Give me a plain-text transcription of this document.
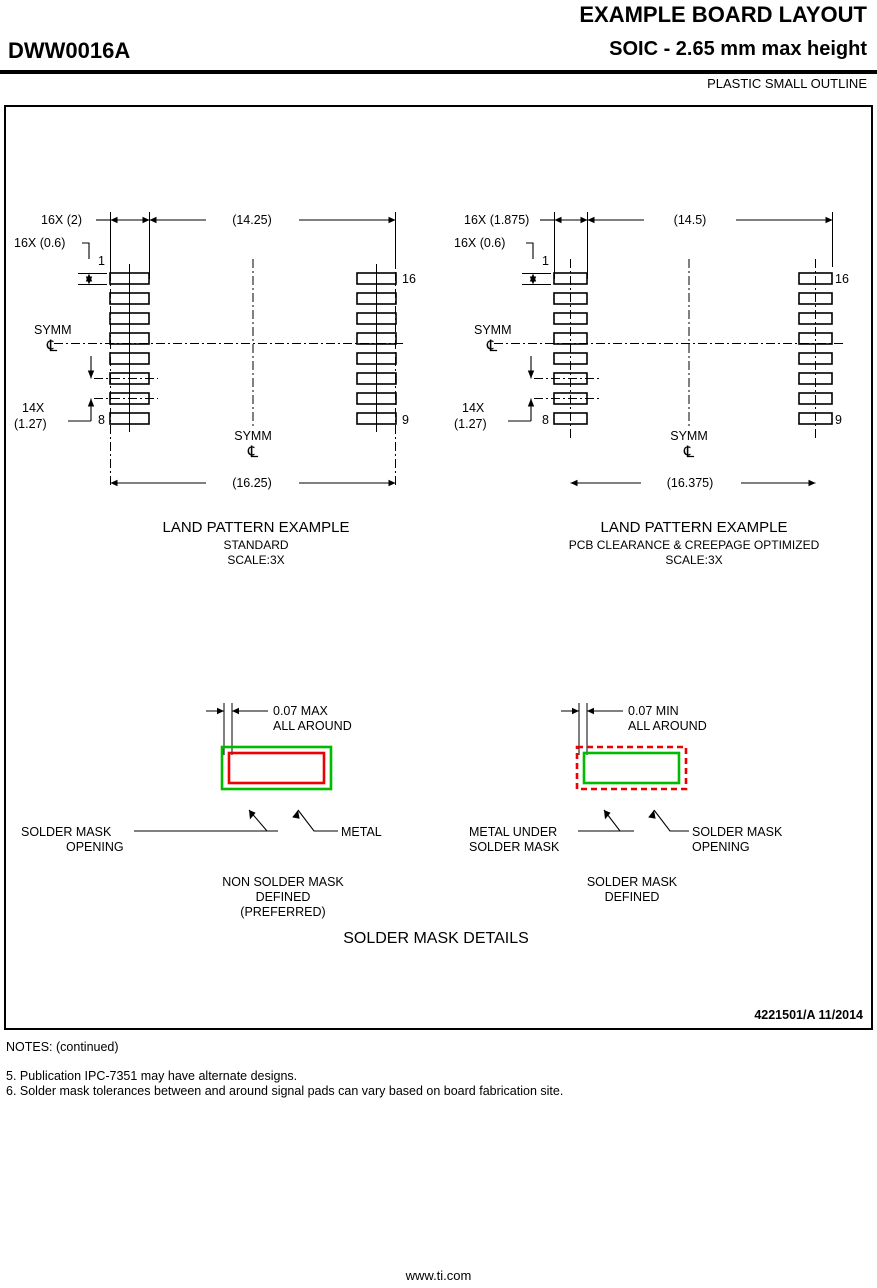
EXAMPLE BOARD LAYOUT
DWW0016A	SOIC - 2.65 mm max height
PLASTIC SMALL OUTLINE
16X (2)	(14.25)
16X (0.6)
14X
(1.27)
(16.25)
SYMM
℄
SYMM
℄
1
8
16
9
LAND PATTERN EXAMPLE
STANDARD
SCALE:3X
16X (1.875)	(14.5)
16X (0.6)
14X
(1.27)
(16.375)
SYMM
℄
SYMM
℄
1
8
16
9
LAND PATTERN EXAMPLE
PCB CLEARANCE & CREEPAGE OPTIMIZED
SCALE:3X
0.07 MAX
ALL AROUND
SOLDER MASK
OPENING
METAL
NON SOLDER MASK
DEFINED
(PREFERRED)
0.07 MIN
ALL AROUND
METAL UNDER
SOLDER MASK
SOLDER MASK
OPENING
SOLDER MASK
DEFINED
SOLDER MASK DETAILS
4221501/A 11/2014
NOTES: (continued)
5. Publication IPC-7351 may have alternate designs.
6. Solder mask tolerances between and around signal pads can vary based on board fabrication site.
www.ti.com
